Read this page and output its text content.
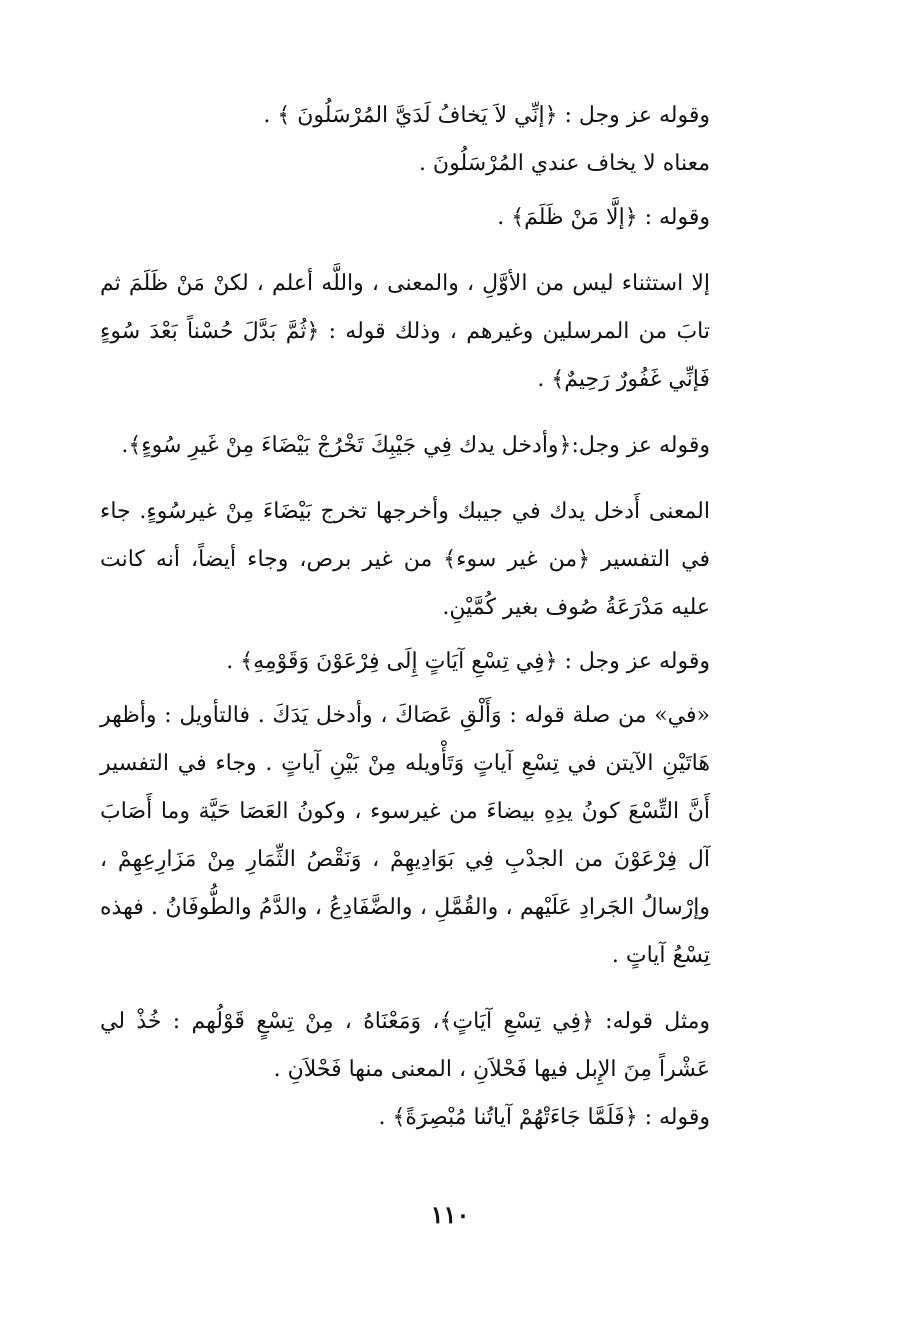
وقوله عز وجل : ﴿إنِّي لاَ يَخافُ لَدَيَّ المُرْسَلُونَ ﴾ .

معناه لا يخاف عندي المُرْسَلُونَ .

وقوله : ﴿إلَّا مَنْ ظَلَمَ﴾ .

إلا استثناء ليس من الأوَّلِ ، والمعنى ، واللَّه أعلم ، لكنْ مَنْ ظَلَمَ ثم تابَ من المرسلين وغيرهم ، وذلك قوله : ﴿ثُمَّ بَدَّلَ حُسْناً بَعْدَ سُوءٍ فَإنِّي غَفُورٌ رَحِيمٌ﴾ .

وقوله عز وجل:﴿وأدخل يدك فِي جَيْبِكَ تَخْرُجْ بَيْضَاءَ مِنْ غَيرِ سُوءٍ﴾.

المعنى أَدخل يدك في جيبك وأخرجها تخرج بَيْضَاءَ مِنْ غيرسُوءٍ. جاء في التفسير ﴿من غير سوء﴾ من غير برص، وجاء أيضاً، أنه كانت عليه مَدْرَعَةُ صُوف بغير كُمَّيْنِ.

وقوله عز وجل : ﴿فِي تِسْعِ آيَاتٍ إِلَى فِرْعَوْنَ وَقَوْمِهِ﴾ .

«في» من صلة قوله : وَأَلْقِ عَصَاكَ ، وأدخل يَدَكَ . فالتأويل : وأظهر هَاتَيْنِ الآيتن في تِسْعِ آياتٍ وَتَأْويله مِنْ بَيْنِ آياتٍ . وجاء في التفسير أَنَّ التِّسْعَ كونُ يدِهِ بيضاءَ من غيرسوء ، وكونُ العَصَا حَيَّة وما أَصَابَ آل فِرْعَوْنَ من الجدْبِ فِي بَوَادِيهِمْ ، وَنَقْصُ الثِّمَارِ مِنْ مَزَارِعِهِمْ ، وإرْسالُ الجَرادِ عَلَيْهم ، والقُمَّلِ ، والضَّفَادِعُ ، والدَّمُ والطُّوفَانُ . فهذه تِسْعُ آياتٍ .

ومثل قوله: ﴿فِي تِسْعِ آيَاتٍ﴾، وَمَعْنَاهُ ، مِنْ تِسْعٍ قَوْلُهم : خُذْ لي عَشْراً مِنَ الإِبل فيها فَحْلاَنِ ، المعنى منها فَحْلاَنِ .

وقوله : ﴿فَلَمَّا جَاءَتْهُمْ آياتُنا مُبْصِرَةً﴾ .

١١٠
